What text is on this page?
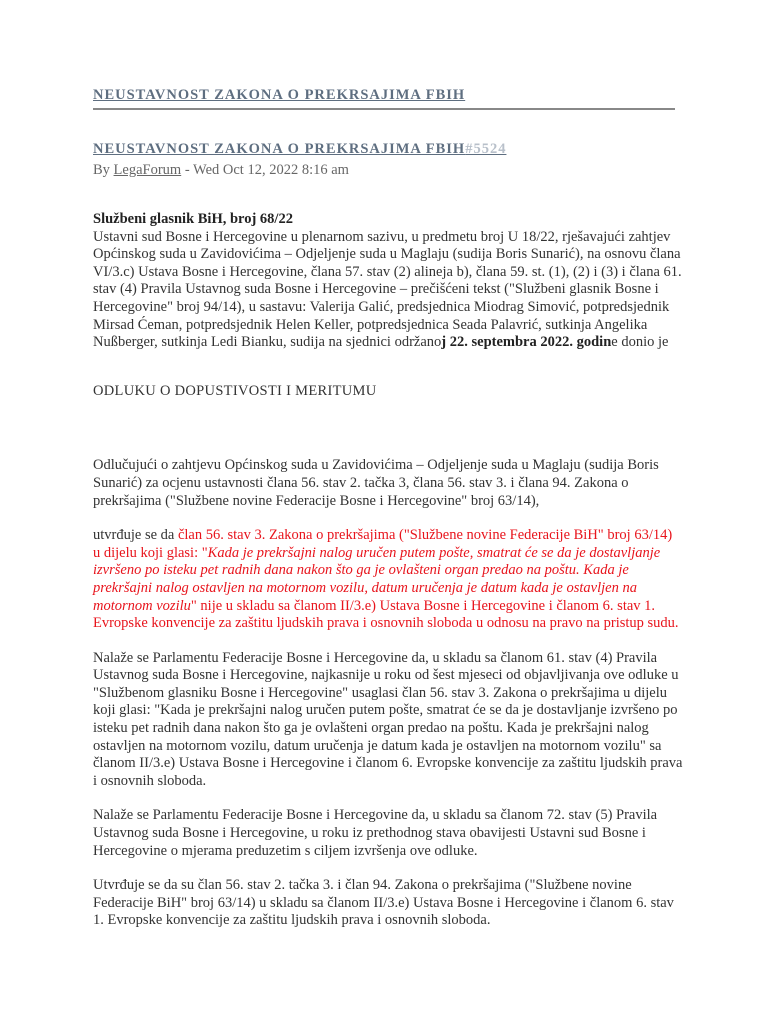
NEUSTAVNOST ZAKONA O PREKRSAJIMA FBIH
NEUSTAVNOST ZAKONA O PREKRSAJIMA FBIH#5524
By LegaForum - Wed Oct 12, 2022 8:16 am

Službeni glasnik BiH, broj 68/22

Ustavni sud Bosne i Hercegovine u plenarnom sazivu, u predmetu broj U 18/22, rješavajući zahtjev Općinskog suda u Zavidovićima – Odjeljenje suda u Maglaju (sudija Boris Sunarić), na osnovu člana VI/3.c) Ustava Bosne i Hercegovine, člana 57. stav (2) alineja b), člana 59. st. (1), (2) i (3) i člana 61. stav (4) Pravila Ustavnog suda Bosne i Hercegovine – prečišćeni tekst ("Službeni glasnik Bosne i Hercegovine" broj 94/14), u sastavu: Valerija Galić, predsjednica Miodrag Simović, potpredsjednik Mirsad Ćeman, potpredsjednik Helen Keller, potpredsjednica Seada Palavrić, sutkinja Angelika Nußberger, sutkinja Ledi Bianku, sudija na sjednici održanoj 22. septembra 2022. godine donio je

ODLUKU O DOPUSTIVOSTI I MERITUMU

Odlučujući o zahtjevu Općinskog suda u Zavidovićima – Odjeljenje suda u Maglaju (sudija Boris Sunarić) za ocjenu ustavnosti člana 56. stav 2. tačka 3, člana 56. stav 3. i člana 94. Zakona o prekršajima ("Službene novine Federacije Bosne i Hercegovine" broj 63/14),

utvrđuje se da član 56. stav 3. Zakona o prekršajima ("Službene novine Federacije BiH" broj 63/14) u dijelu koji glasi: "Kada je prekršajni nalog uručen putem pošte, smatrat će se da je dostavljanje izvršeno po isteku pet radnih dana nakon što ga je ovlašteni organ predao na poštu. Kada je prekršajni nalog ostavljen na motornom vozilu, datum uručenja je datum kada je ostavljen na motornom vozilu" nije u skladu sa članom II/3.e) Ustava Bosne i Hercegovine i članom 6. stav 1. Evropske konvencije za zaštitu ljudskih prava i osnovnih sloboda u odnosu na pravo na pristup sudu.

Nalaže se Parlamentu Federacije Bosne i Hercegovine da, u skladu sa članom 61. stav (4) Pravila Ustavnog suda Bosne i Hercegovine, najkasnije u roku od šest mjeseci od objavljivanja ove odluke u "Službenom glasniku Bosne i Hercegovine" usaglasi član 56. stav 3. Zakona o prekršajima u dijelu koji glasi: "Kada je prekršajni nalog uručen putem pošte, smatrat će se da je dostavljanje izvršeno po isteku pet radnih dana nakon što ga je ovlašteni organ predao na poštu. Kada je prekršajni nalog ostavljen na motornom vozilu, datum uručenja je datum kada je ostavljen na motornom vozilu" sa članom II/3.e) Ustava Bosne i Hercegovine i članom 6. Evropske konvencije za zaštitu ljudskih prava i osnovnih sloboda.

Nalaže se Parlamentu Federacije Bosne i Hercegovine da, u skladu sa članom 72. stav (5) Pravila Ustavnog suda Bosne i Hercegovine, u roku iz prethodnog stava obavijesti Ustavni sud Bosne i Hercegovine o mjerama preduzetim s ciljem izvršenja ove odluke.

Utvrđuje se da su član 56. stav 2. tačka 3. i član 94. Zakona o prekršajima ("Službene novine Federacije BiH" broj 63/14) u skladu sa članom II/3.e) Ustava Bosne i Hercegovine i članom 6. stav 1. Evropske konvencije za zaštitu ljudskih prava i osnovnih sloboda.
